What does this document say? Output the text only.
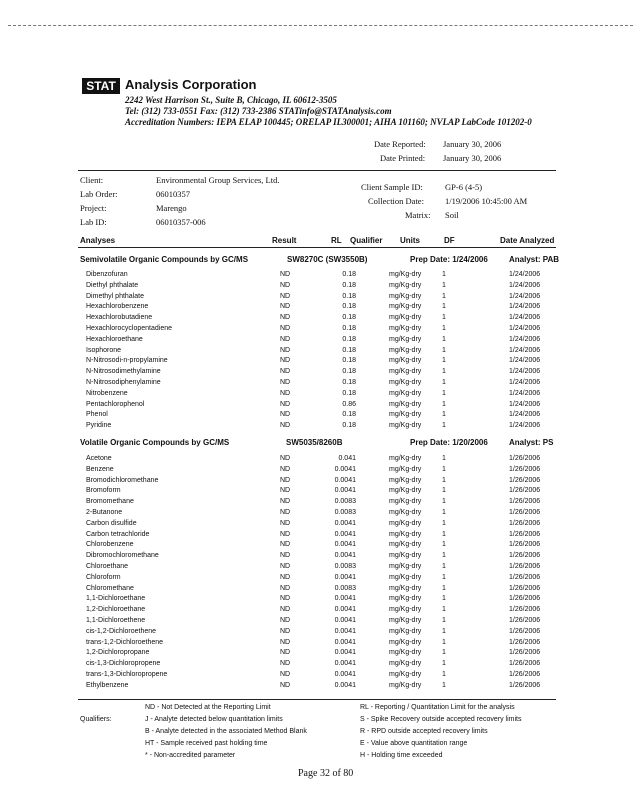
STAT Analysis Corporation
2242 West Harrison St., Suite B, Chicago, IL 60612-3505
Tel: (312) 733-0551 Fax: (312) 733-2386 STATinfo@STATAnalysis.com
Accreditation Numbers: IEPA ELAP 100445; ORELAP IL300001; AIHA 101160; NVLAP LabCode 101202-0
Date Reported: January 30, 2006
Date Printed: January 30, 2006
Client:	Environmental Group Services, Ltd.
Lab Order:	06010357
Project:	Marengo
Lab ID:	06010357-006
Client Sample ID:	GP-6 (4-5)
Collection Date: 1/19/2006 10:45:00 AM
Matrix: Soil
Analyses	Result	RL Qualifier Units	DF	Date Analyzed
Semivolatile Organic Compounds by GC/MS	SW8270C (SW3550B)	Prep Date: 1/24/2006	Analyst: PAB
Dibenzofuran	ND	0.18	mg/Kg-dry	1	1/24/2006
Diethyl phthalate	ND	0.18	mg/Kg-dry	1	1/24/2006
Dimethyl phthalate	ND	0.18	mg/Kg-dry	1	1/24/2006
Hexachlorobenzene	ND	0.18	mg/Kg-dry	1	1/24/2006
Hexachlorobutadiene	ND	0.18	mg/Kg-dry	1	1/24/2006
Hexachlorocyclopentadiene	ND	0.18	mg/Kg-dry	1	1/24/2006
Hexachloroethane	ND	0.18	mg/Kg-dry	1	1/24/2006
Isophorone	ND	0.18	mg/Kg-dry	1	1/24/2006
N-Nitrosodi-n-propylamine	ND	0.18	mg/Kg-dry	1	1/24/2006
N-Nitrosodimethylamine	ND	0.18	mg/Kg-dry	1	1/24/2006
N-Nitrosodiphenylamine	ND	0.18	mg/Kg-dry	1	1/24/2006
Nitrobenzene	ND	0.18	mg/Kg-dry	1	1/24/2006
Pentachlorophenol	ND	0.86	mg/Kg-dry	1	1/24/2006
Phenol	ND	0.18	mg/Kg-dry	1	1/24/2006
Pyridine	ND	0.18	mg/Kg-dry	1	1/24/2006
Volatile Organic Compounds by GC/MS	SW5035/8260B	Prep Date: 1/20/2006	Analyst: PS
Acetone	ND	0.041	mg/Kg-dry	1	1/26/2006
Benzene	ND	0.0041	mg/Kg-dry	1	1/26/2006
Bromodichloromethane	ND	0.0041	mg/Kg-dry	1	1/26/2006
Bromoform	ND	0.0041	mg/Kg-dry	1	1/26/2006
Bromomethane	ND	0.0083	mg/Kg-dry	1	1/26/2006
2-Butanone	ND	0.0083	mg/Kg-dry	1	1/26/2006
Carbon disulfide	ND	0.0041	mg/Kg-dry	1	1/26/2006
Carbon tetrachloride	ND	0.0041	mg/Kg-dry	1	1/26/2006
Chlorobenzene	ND	0.0041	mg/Kg-dry	1	1/26/2006
Dibromochloromethane	ND	0.0041	mg/Kg-dry	1	1/26/2006
Chloroethane	ND	0.0083	mg/Kg-dry	1	1/26/2006
Chloroform	ND	0.0041	mg/Kg-dry	1	1/26/2006
Chloromethane	ND	0.0083	mg/Kg-dry	1	1/26/2006
1,1-Dichloroethane	ND	0.0041	mg/Kg-dry	1	1/26/2006
1,2-Dichloroethane	ND	0.0041	mg/Kg-dry	1	1/26/2006
1,1-Dichloroethene	ND	0.0041	mg/Kg-dry	1	1/26/2006
cis-1,2-Dichloroethene	ND	0.0041	mg/Kg-dry	1	1/26/2006
trans-1,2-Dichloroethene	ND	0.0041	mg/Kg-dry	1	1/26/2006
1,2-Dichloropropane	ND	0.0041	mg/Kg-dry	1	1/26/2006
cis-1,3-Dichloropropene	ND	0.0041	mg/Kg-dry	1	1/26/2006
trans-1,3-Dichloropropene	ND	0.0041	mg/Kg-dry	1	1/26/2006
Ethylbenzene	ND	0.0041	mg/Kg-dry	1	1/26/2006
Qualifiers:
ND - Not Detected at the Reporting Limit
J - Analyte detected below quantitation limits
B - Analyte detected in the associated Method Blank
HT - Sample received past holding time
* - Non-accredited parameter
RL - Reporting / Quantitation Limit for the analysis
S - Spike Recovery outside accepted recovery limits
R - RPD outside accepted recovery limits
E - Value above quantitation range
H - Holding time exceeded
Page 32 of 80
